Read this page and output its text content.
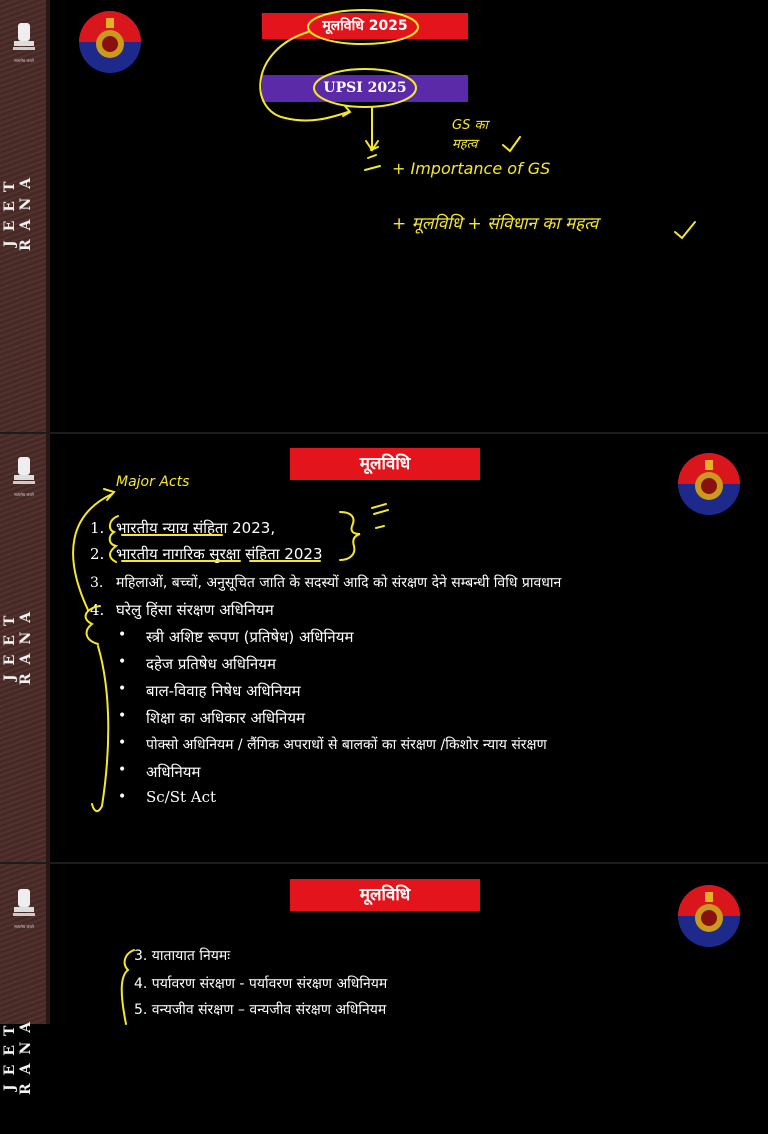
सत्यमेव जयते
JEET RANA
मूलविधि 2025
UPSI 2025
GS का
महत्व
+ Importance of GS
+ मूलविधि + संविधान का महत्व
सत्यमेव जयते
JEET RANA
मूलविधि
Major Acts
1. भारतीय न्याय संहिता 2023,
2. भारतीय नागरिक सुरक्षा संहिता 2023
3. महिलाओं, बच्चों, अनुसूचित जाति के सदस्यों आदि को संरक्षण देने सम्बन्धी विधि प्रावधान
4. घरेलु हिंसा संरक्षण अधिनियम
• स्त्री अशिष्ट रूपण (प्रतिषेध) अधिनियम
• दहेज प्रतिषेध अधिनियम
• बाल-विवाह निषेध अधिनियम
• शिक्षा का अधिकार अधिनियम
• पोक्सो अधिनियम / लैंगिक अपराधों से बालकों का संरक्षण /किशोर न्याय संरक्षण
• अधिनियम
• Sc/St Act
सत्यमेव जयते
JEET RANA
मूलविधि
3. यातायात नियमः
4. पर्यावरण संरक्षण - पर्यावरण संरक्षण अधिनियम
5. वन्यजीव संरक्षण – वन्यजीव संरक्षण अधिनियम
